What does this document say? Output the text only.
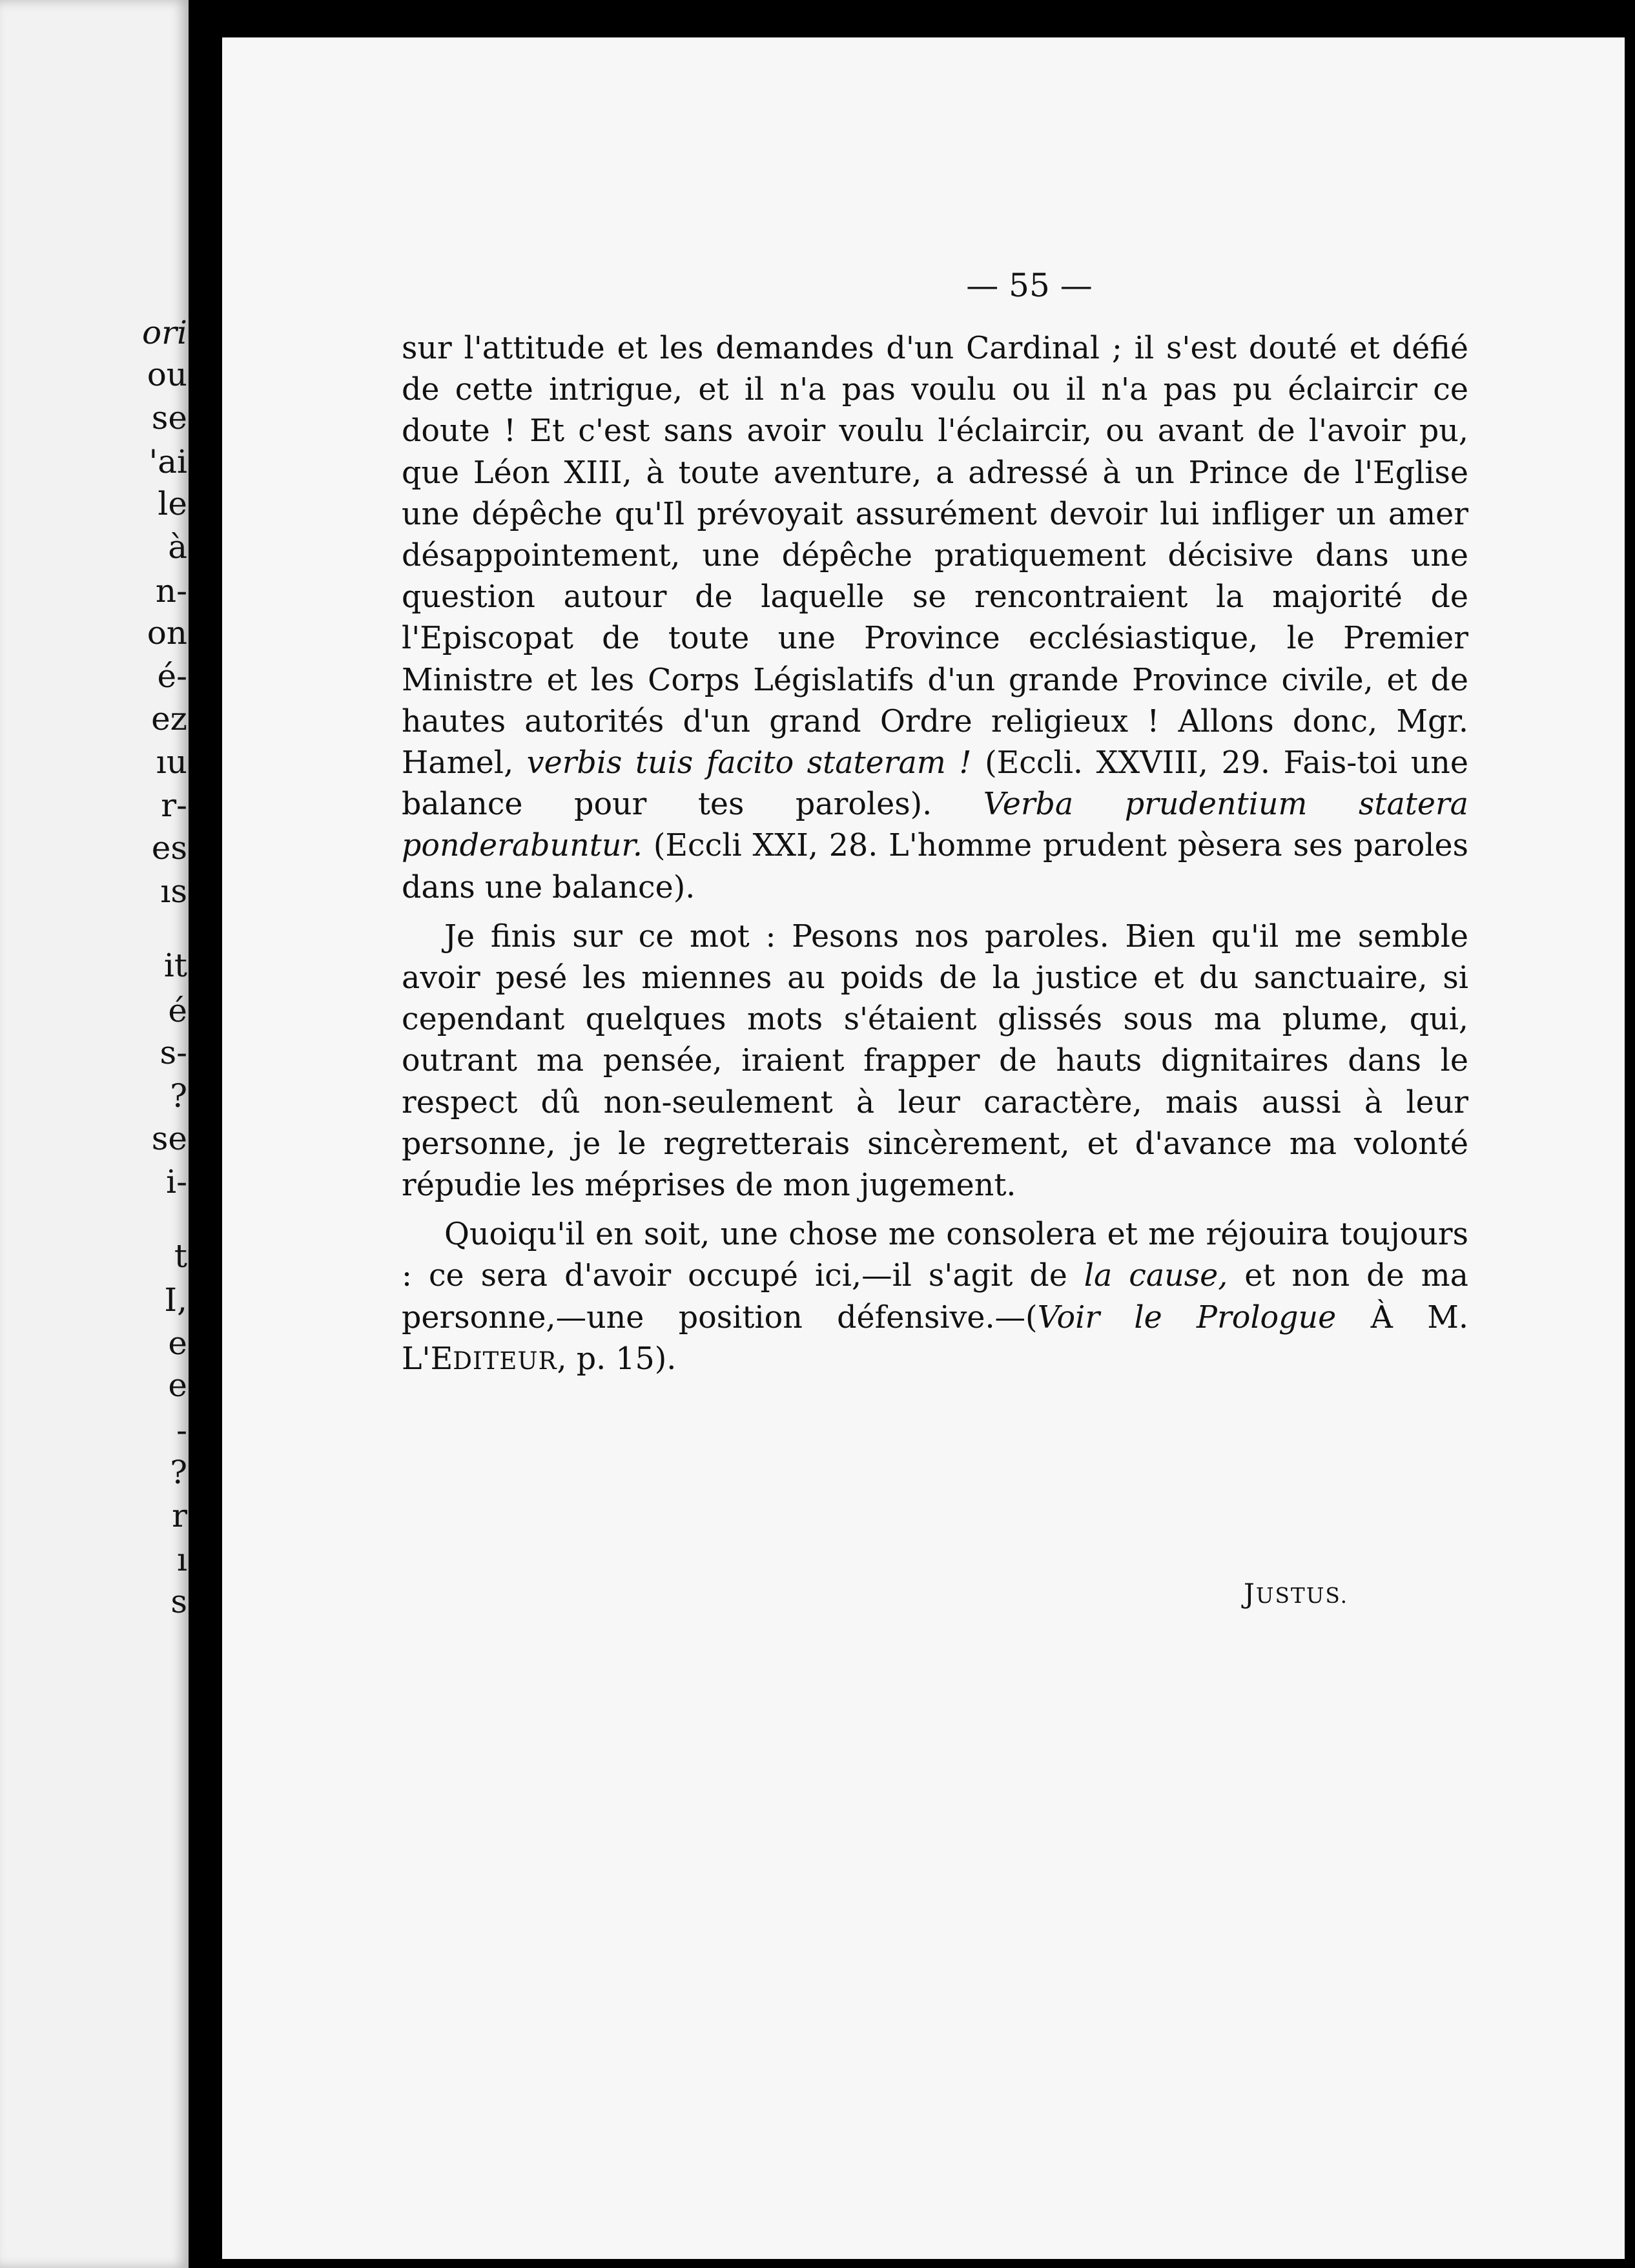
ori
ou
se
'ai
le
à
n-
on
é-
ez
ıu
r-
es
ıs
it
é
s-
?
se
i-
t
I,
e
e
-
?
r
ı
s
— 55 —

sur l'attitude et les demandes d'un Cardinal ; il s'est douté et défié de cette intrigue, et il n'a pas voulu ou il n'a pas pu éclaircir ce doute ! Et c'est sans avoir voulu l'éclaircir, ou avant de l'avoir pu, que Léon XIII, à toute aventure, a adressé à un Prince de l'Eglise une dépêche qu'Il prévoyait assurément devoir lui infliger un amer désappointement, une dépêche pratiquement décisive dans une question autour de laquelle se rencontraient la majorité de l'Episcopat de toute une Province ecclésiastique, le Premier Ministre et les Corps Législatifs d'un grande Province civile, et de hautes autorités d'un grand Ordre religieux ! Allons donc, Mgr. Hamel, verbis tuis facito stateram ! (Eccli. XXVIII, 29. Fais-toi une balance pour tes paroles). Verba prudentium statera ponderabuntur. (Eccli XXI, 28. L'homme prudent pèsera ses paroles dans une balance).

Je finis sur ce mot : Pesons nos paroles. Bien qu'il me semble avoir pesé les miennes au poids de la justice et du sanctuaire, si cependant quelques mots s'étaient glissés sous ma plume, qui, outrant ma pensée, iraient frapper de hauts dignitaires dans le respect dû non-seulement à leur caractère, mais aussi à leur personne, je le regretterais sincèrement, et d'avance ma volonté répudie les méprises de mon jugement.

Quoiqu'il en soit, une chose me consolera et me réjouira toujours : ce sera d'avoir occupé ici,—il s'agit de la cause, et non de ma personne,—une position défensive.—(Voir le Prologue À M. L'EDITEUR, p. 15).

JUSTUS.
